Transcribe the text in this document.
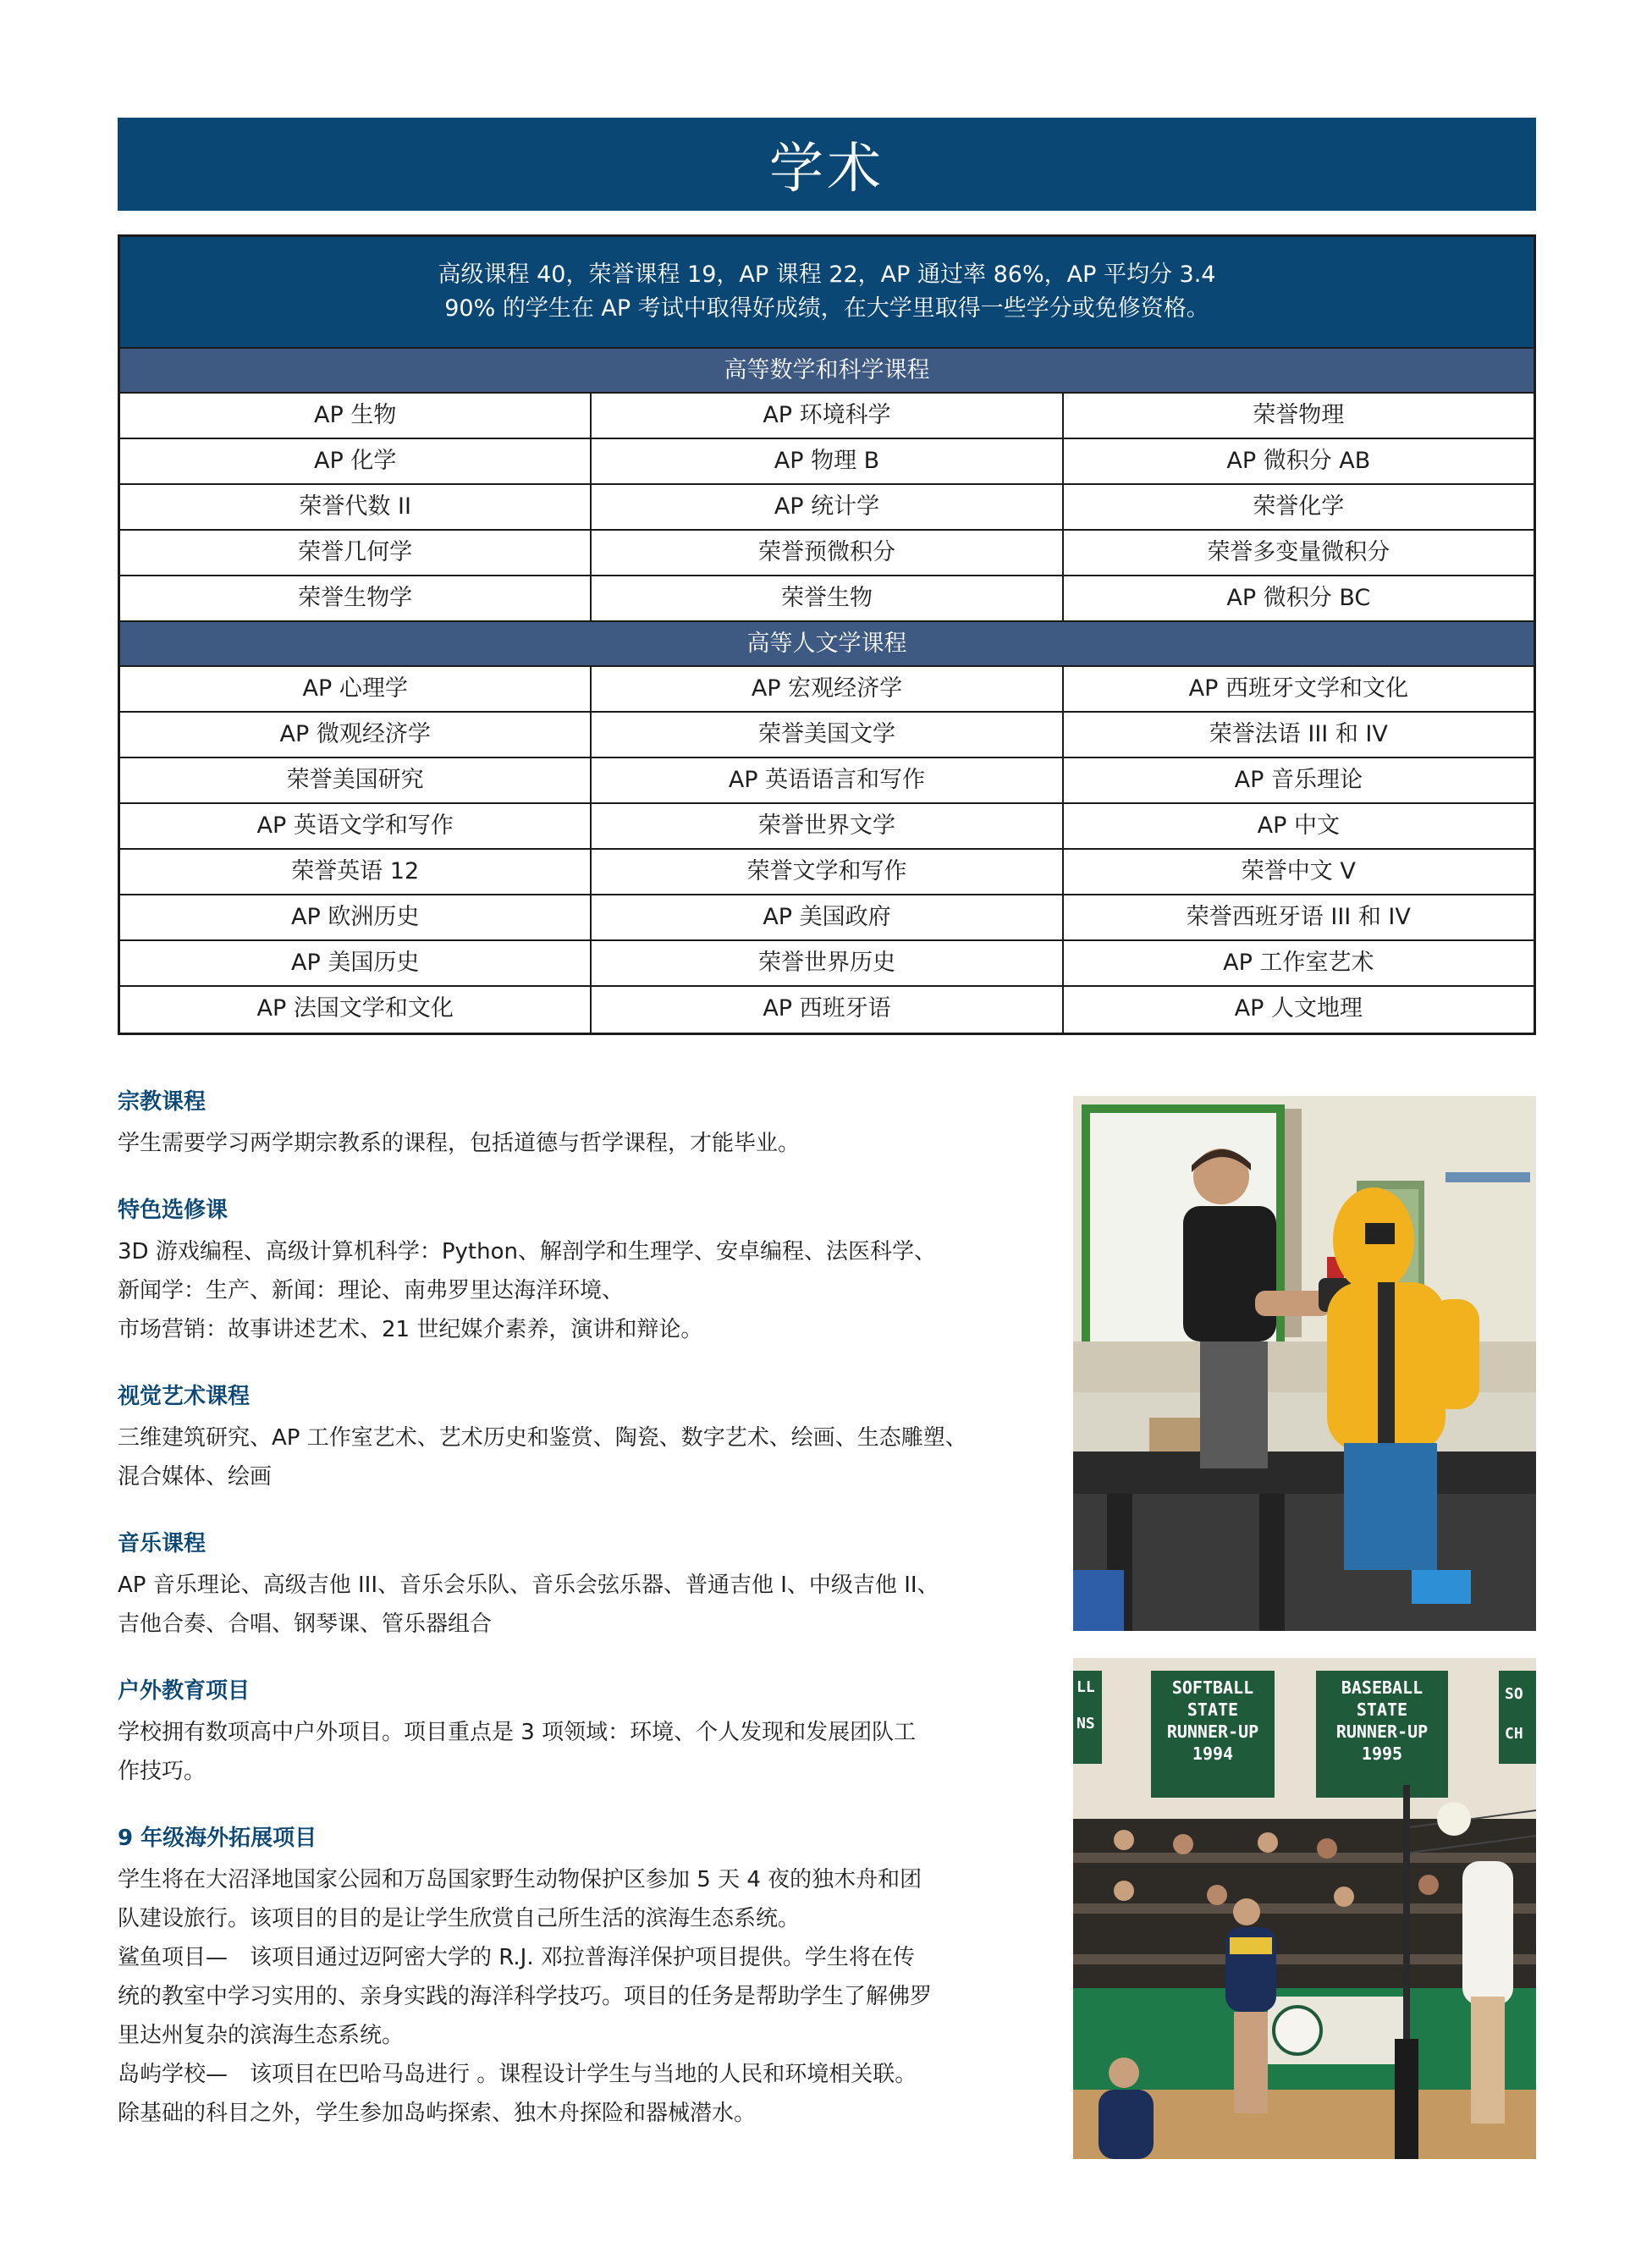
学术
高级课程 40，荣誉课程 19，AP 课程 22，AP 通过率 86%，AP 平均分 3.4
90% 的学生在 AP 考试中取得好成绩，在大学里取得一些学分或免修资格。
高等数学和科学课程
AP 生物	AP 环境科学	荣誉物理
AP 化学	AP 物理 B	AP 微积分 AB
荣誉代数 II	AP 统计学	荣誉化学
荣誉几何学	荣誉预微积分	荣誉多变量微积分
荣誉生物学	荣誉生物	AP 微积分 BC
高等人文学课程
AP 心理学	AP 宏观经济学	AP 西班牙文学和文化
AP 微观经济学	荣誉美国文学	荣誉法语 III 和 IV
荣誉美国研究	AP 英语语言和写作	AP 音乐理论
AP 英语文学和写作	荣誉世界文学	AP 中文
荣誉英语 12	荣誉文学和写作	荣誉中文 V
AP 欧洲历史	AP 美国政府	荣誉西班牙语 III 和 IV
AP 美国历史	荣誉世界历史	AP 工作室艺术
AP 法国文学和文化	AP 西班牙语	AP 人文地理
宗教课程

学生需要学习两学期宗教系的课程，包括道德与哲学课程，才能毕业。

特色选修课

3D 游戏编程、高级计算机科学：Python、解剖学和生理学、安卓编程、法医科学、

新闻学：生产、新闻：理论、南弗罗里达海洋环境、

市场营销：故事讲述艺术、21 世纪媒介素养，演讲和辩论。

视觉艺术课程

三维建筑研究、AP 工作室艺术、艺术历史和鉴赏、陶瓷、数字艺术、绘画、生态雕塑、

混合媒体、绘画

音乐课程

AP 音乐理论、高级吉他 III、音乐会乐队、音乐会弦乐器、普通吉他 I、中级吉他 II、

吉他合奏、合唱、钢琴课、管乐器组合

户外教育项目

学校拥有数项高中户外项目。项目重点是 3 项领域：环境、个人发现和发展团队工

作技巧。

9 年级海外拓展项目

学生将在大沼泽地国家公园和万岛国家野生动物保护区参加 5 天 4 夜的独木舟和团

队建设旅行。该项目的目的是让学生欣赏自己所生活的滨海生态系统。

鲨鱼项目—　该项目通过迈阿密大学的 R.J. 邓拉普海洋保护项目提供。学生将在传

统的教室中学习实用的、亲身实践的海洋科学技巧。项目的任务是帮助学生了解佛罗

里达州复杂的滨海生态系统。

岛屿学校—　该项目在巴哈马岛进行 。课程设计学生与当地的人民和环境相关联。

除基础的科目之外，学生参加岛屿探索、独木舟探险和器械潜水。

LL
NS
SOFTBALL
STATE
RUNNER-UP
1994
BASEBALL
STATE
RUNNER-UP
1995
SO
CH
